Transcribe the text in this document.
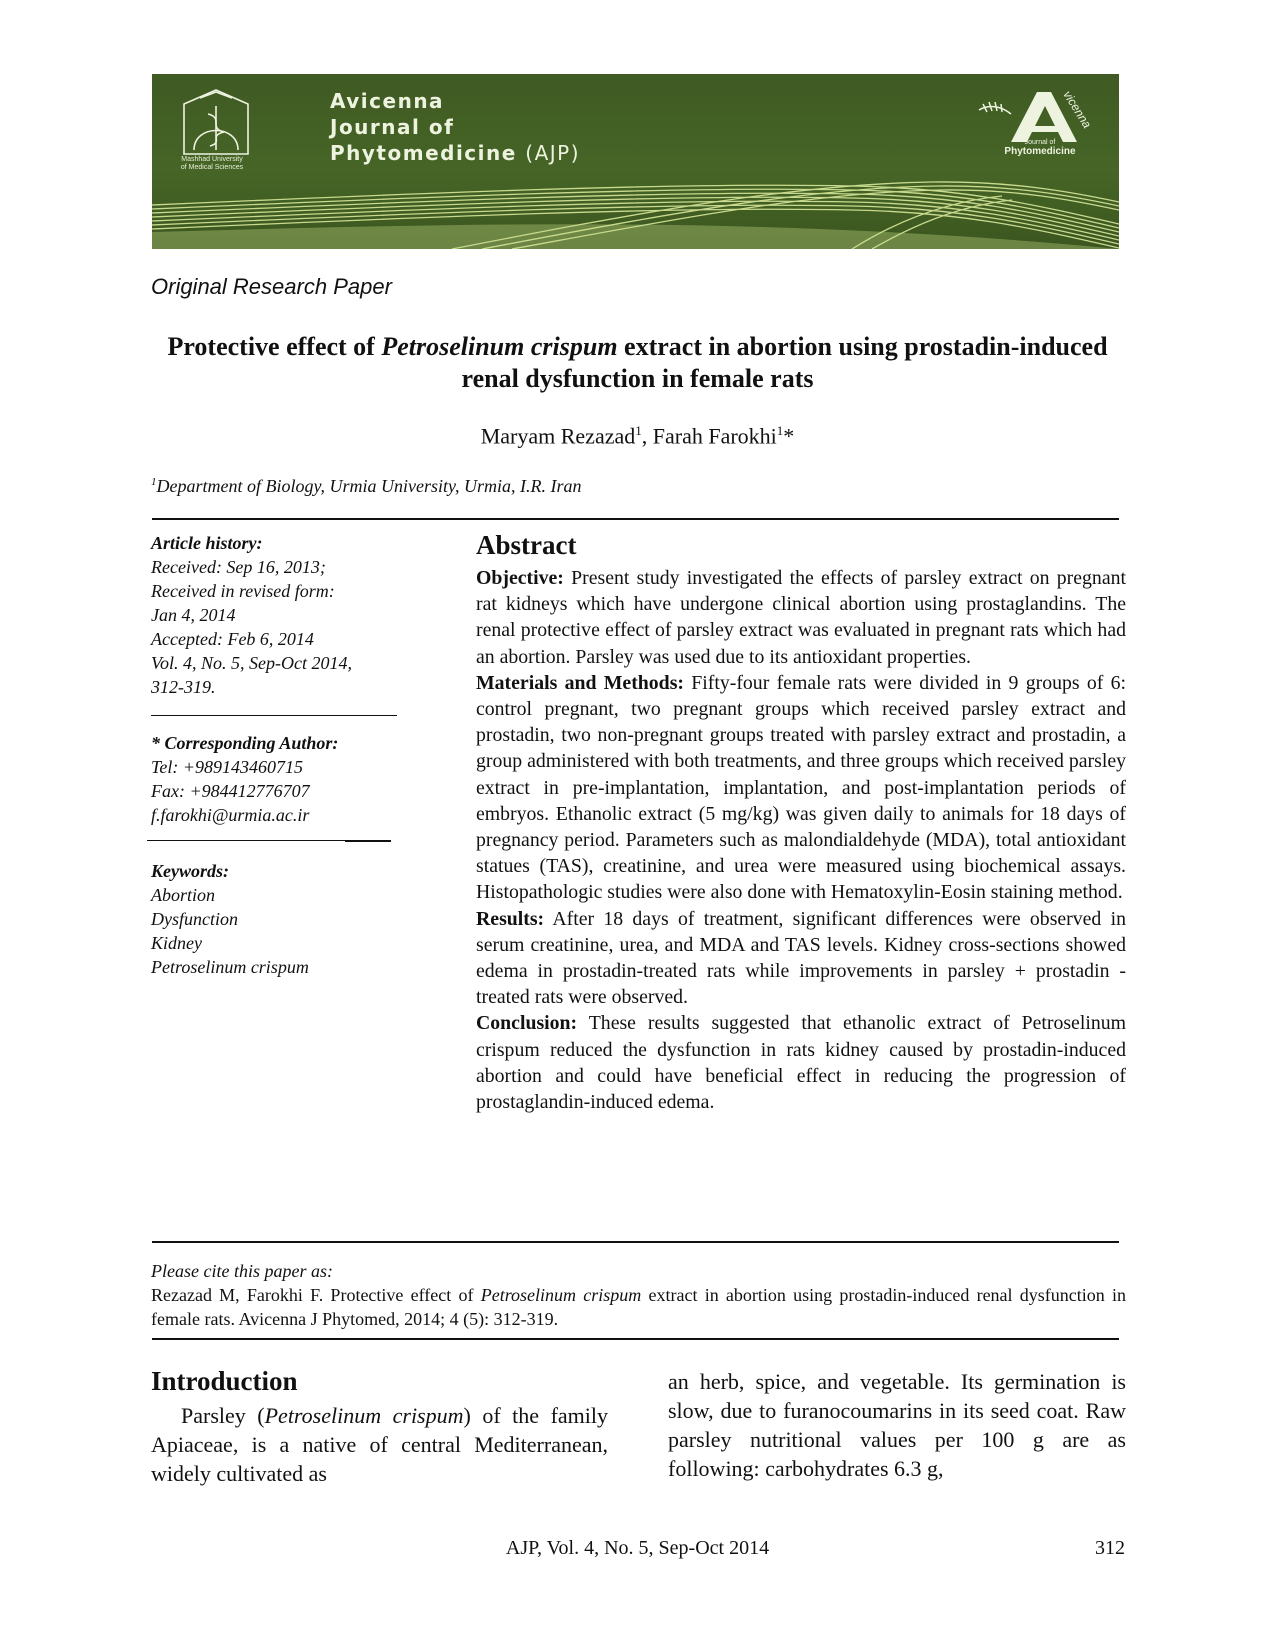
Mashhad University
of Medical Sciences
Avicenna
Journal of
Phytomedicine (AJP)
vicenna
Journal of
Phytomedicine
Original Research Paper
Protective effect of Petroselinum crispum extract in abortion using prostadin-induced renal dysfunction in female rats
Maryam Rezazad$^1$, Farah Farokhi$^1$*
$^1$Department of Biology, Urmia University, Urmia, I.R. Iran
Article history:
Received: Sep 16, 2013;
Received in revised form:
Jan 4, 2014
Accepted: Feb 6, 2014
Vol. 4, No. 5, Sep-Oct 2014,
312-319.
* Corresponding Author:
Tel: +989143460715
Fax: +984412776707
f.farokhi@urmia.ac.ir
Keywords:
Abortion
Dysfunction
Kidney
Petroselinum crispum
Abstract

Objective: Present study investigated the effects of parsley extract on pregnant rat kidneys which have undergone clinical abortion using prostaglandins. The renal protective effect of parsley extract was evaluated in pregnant rats which had an abortion. Parsley was used due to its antioxidant properties.

Materials and Methods: Fifty-four female rats were divided in 9 groups of 6: control pregnant, two pregnant groups which received parsley extract and prostadin, two non-pregnant groups treated with parsley extract and prostadin, a group administered with both treatments, and three groups which received parsley extract in pre-implantation, implantation, and post-implantation periods of embryos. Ethanolic extract (5 mg/kg) was given daily to animals for 18 days of pregnancy period. Parameters such as malondialdehyde (MDA), total antioxidant statues (TAS), creatinine, and urea were measured using biochemical assays. Histopathologic studies were also done with Hematoxylin-Eosin staining method.

Results: After 18 days of treatment, significant differences were observed in serum creatinine, urea, and MDA and TAS levels. Kidney cross-sections showed edema in prostadin-treated rats while improvements in parsley + prostadin -treated rats were observed.

Conclusion: These results suggested that ethanolic extract of Petroselinum crispum reduced the dysfunction in rats kidney caused by prostadin-induced abortion and could have beneficial effect in reducing the progression of prostaglandin-induced edema.

Please cite this paper as:
Rezazad M, Farokhi F. Protective effect of Petroselinum crispum extract in abortion using prostadin-induced renal dysfunction in female rats. Avicenna J Phytomed, 2014; 4 (5): 312-319.
Introduction
Parsley (Petroselinum crispum) of the family Apiaceae, is a native of central Mediterranean, widely cultivated as
an herb, spice, and vegetable. Its germination is slow, due to furanocoumarins in its seed coat. Raw parsley nutritional values per 100 g are as following: carbohydrates 6.3 g,
AJP, Vol. 4, No. 5, Sep-Oct 2014	312
